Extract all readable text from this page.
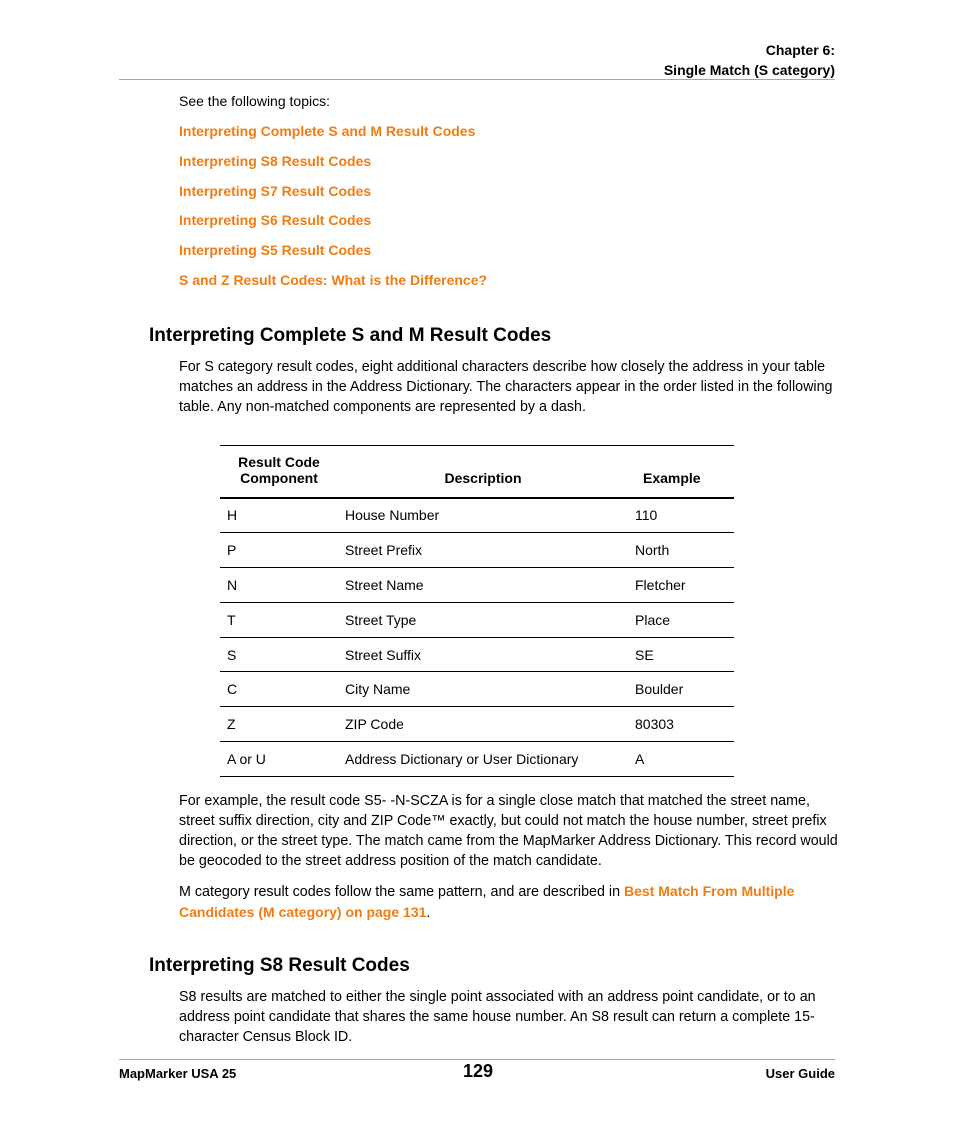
Chapter 6:
Single Match (S category)
See the following topics:
Interpreting Complete S and M Result Codes
Interpreting S8 Result Codes
Interpreting S7 Result Codes
Interpreting S6 Result Codes
Interpreting S5 Result Codes
S and Z Result Codes: What is the Difference?
Interpreting Complete S and M Result Codes
For S category result codes, eight additional characters describe how closely the address in your table matches an address in the Address Dictionary. The characters appear in the order listed in the following table. Any non-matched components are represented by a dash.
Result Code
Component	Description	Example
H	House Number	110
P	Street Prefix	North
N	Street Name	Fletcher
T	Street Type	Place
S	Street Suffix	SE
C	City Name	Boulder
Z	ZIP Code	80303
A or U	Address Dictionary or User Dictionary	A
For example, the result code S5- -N-SCZA is for a single close match that matched the street name, street suffix direction, city and ZIP Code™ exactly, but could not match the house number, street prefix direction, or the street type. The match came from the MapMarker Address Dictionary. This record would be geocoded to the street address position of the match candidate.
M category result codes follow the same pattern, and are described in Best Match From Multiple Candidates (M category) on page 131.
Interpreting S8 Result Codes
S8 results are matched to either the single point associated with an address point candidate, or to an address point candidate that shares the same house number. An S8 result can return a complete 15-character Census Block ID.
MapMarker USA 25	129	User Guide
